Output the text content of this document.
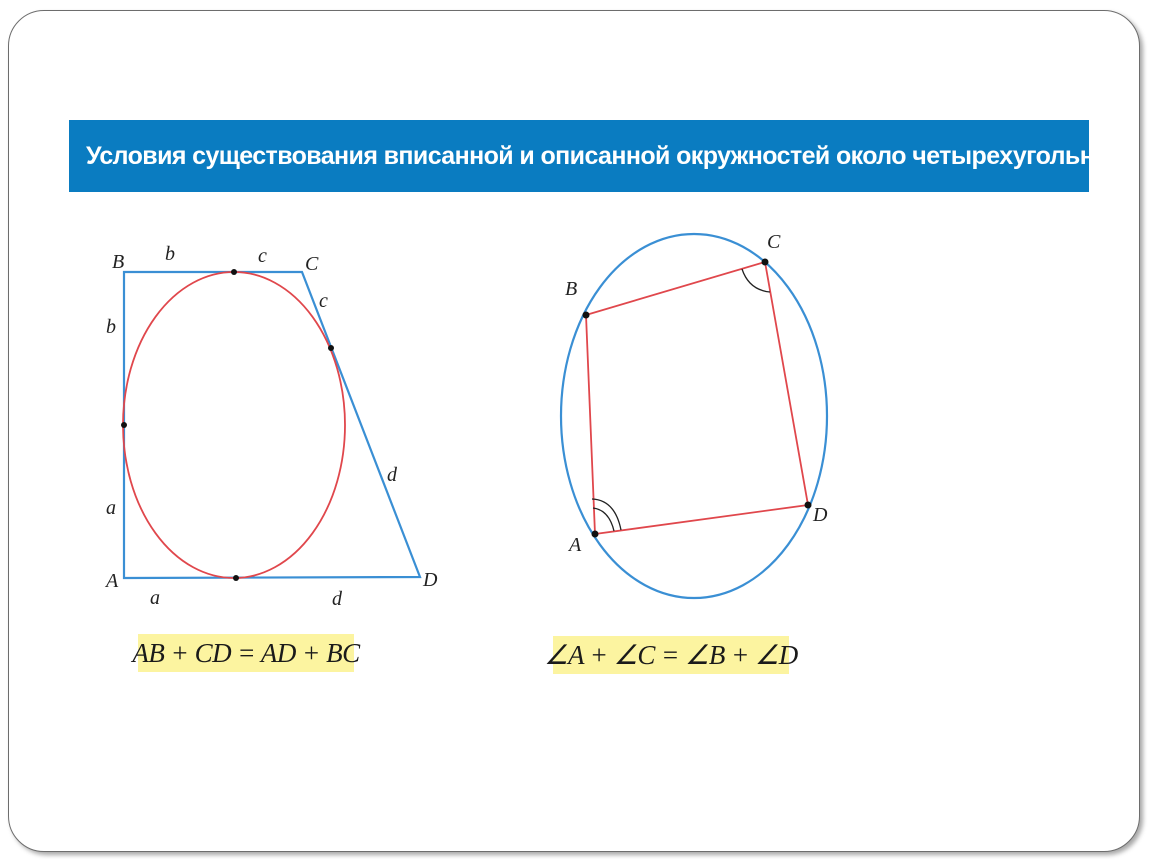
Условия существования вписанной и описанной окружностей около четырехугольника
B	C
A	D
b	c
c
d
b
a
a	d
B
C
D
A
AB + CD = AD + BC	∠A + ∠C = ∠B + ∠D
